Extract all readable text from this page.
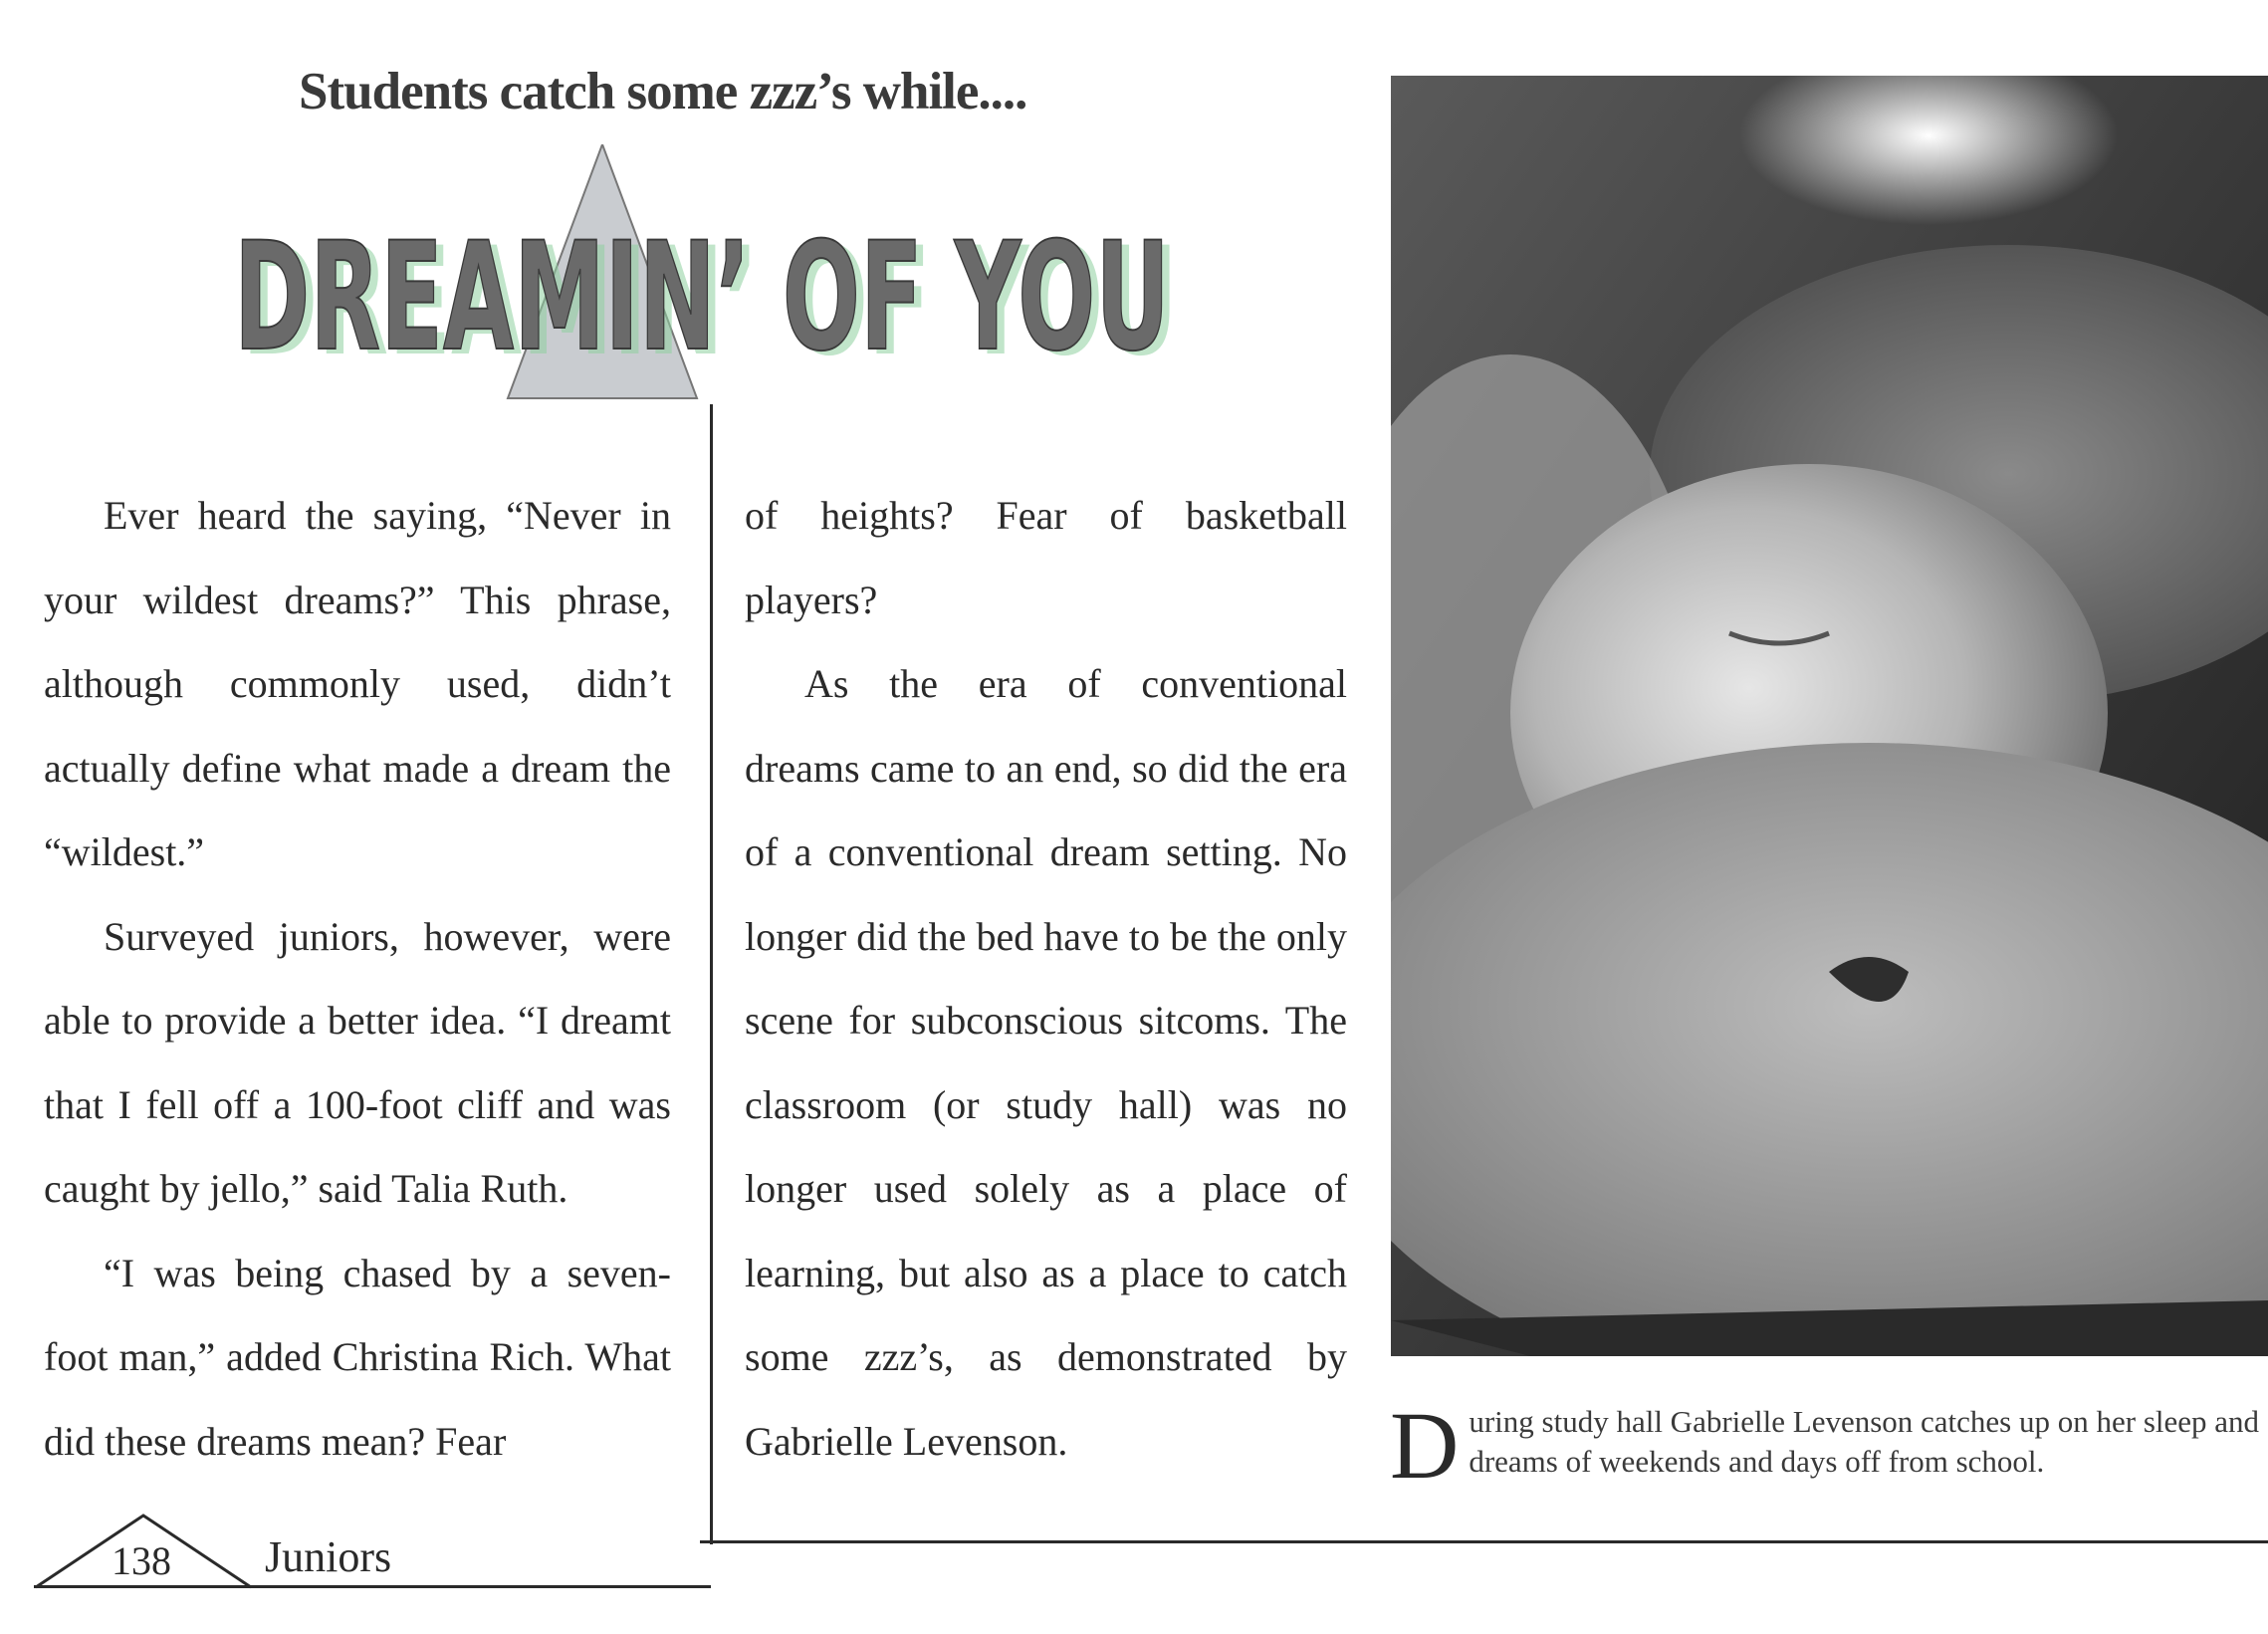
Students catch some zzz’s while....
DREAMIN’ OF YOU
DREAMIN’ OF YOU

Ever heard the saying, “Never in your wildest dreams?” This phrase, although commonly used, didn’t actually define what made a dream the “wildest.”

Surveyed juniors, however, were able to provide a better idea. “I dreamt that I fell off a 100-foot cliff and was caught by jello,” said Talia Ruth.

“I was being chased by a seven-foot man,” added Christina Rich. What did these dreams mean? Fear

of heights? Fear of basketball players?

As the era of conventional dreams came to an end, so did the era of a conventional dream setting. No longer did the bed have to be the only scene for subconscious sitcoms. The classroom (or study hall) was no longer used solely as a place of learning, but also as a place to catch some zzz’s, as demonstrated by Gabrielle Levenson.	D uring study hall Gabrielle Levenson catches up on her sleep and
dreams of weekends and days off from school.
138 Juniors
